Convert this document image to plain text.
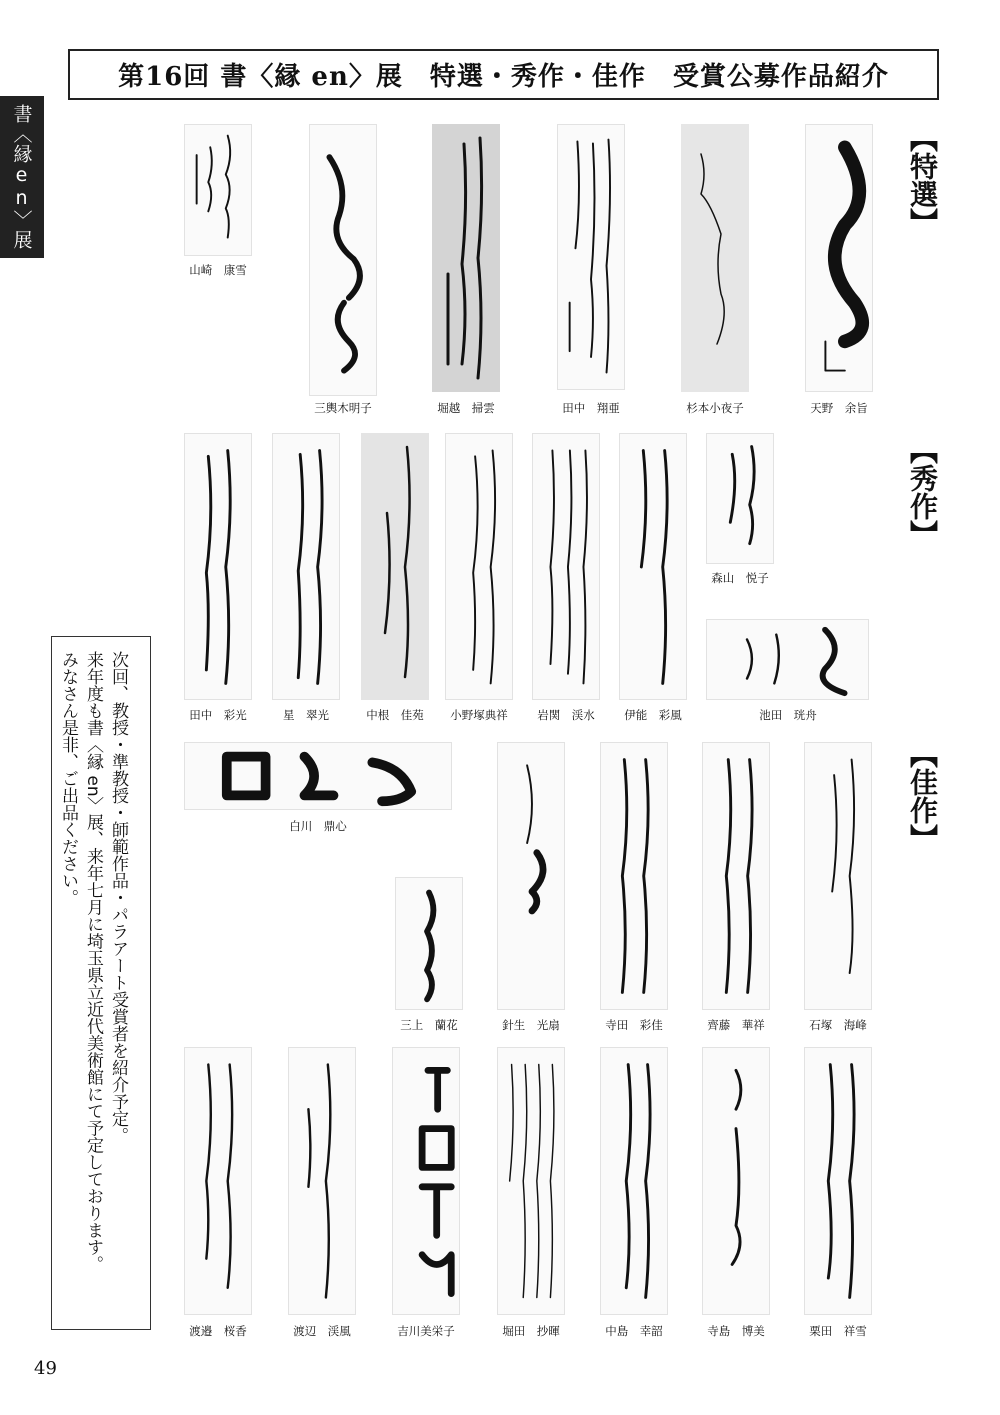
第16回 書〈縁 en〉展　特選・秀作・佳作　受賞公募作品紹介
書〈縁en〉展	【特選】
【秀作】
【佳作】
山崎　康雪
三輿木明子	堀越　掃雲	田中　翔亜	杉本小夜子	天野　余旨
田中　彩光	星　翠光	中根　佳苑	小野塚典祥	岩関　渓水	伊能　彩風
森山　悦子
池田　珖舟
白川　鼎心
三上　蘭花	針生　光扇	寺田　彩佳	齊藤　華祥	石塚　海峰
渡邉　桜香	渡辺　渓風	吉川美栄子	堀田　抄暉	中島　幸韶	寺島　博美	栗田　祥雪
次回、教授・準教授・師範作品・パラアート受賞者を紹介予定。
来年度も書〈縁 en〉展、来年七月に埼玉県立近代美術館にて予定しております。
みなさん是非、ご出品ください。
49
